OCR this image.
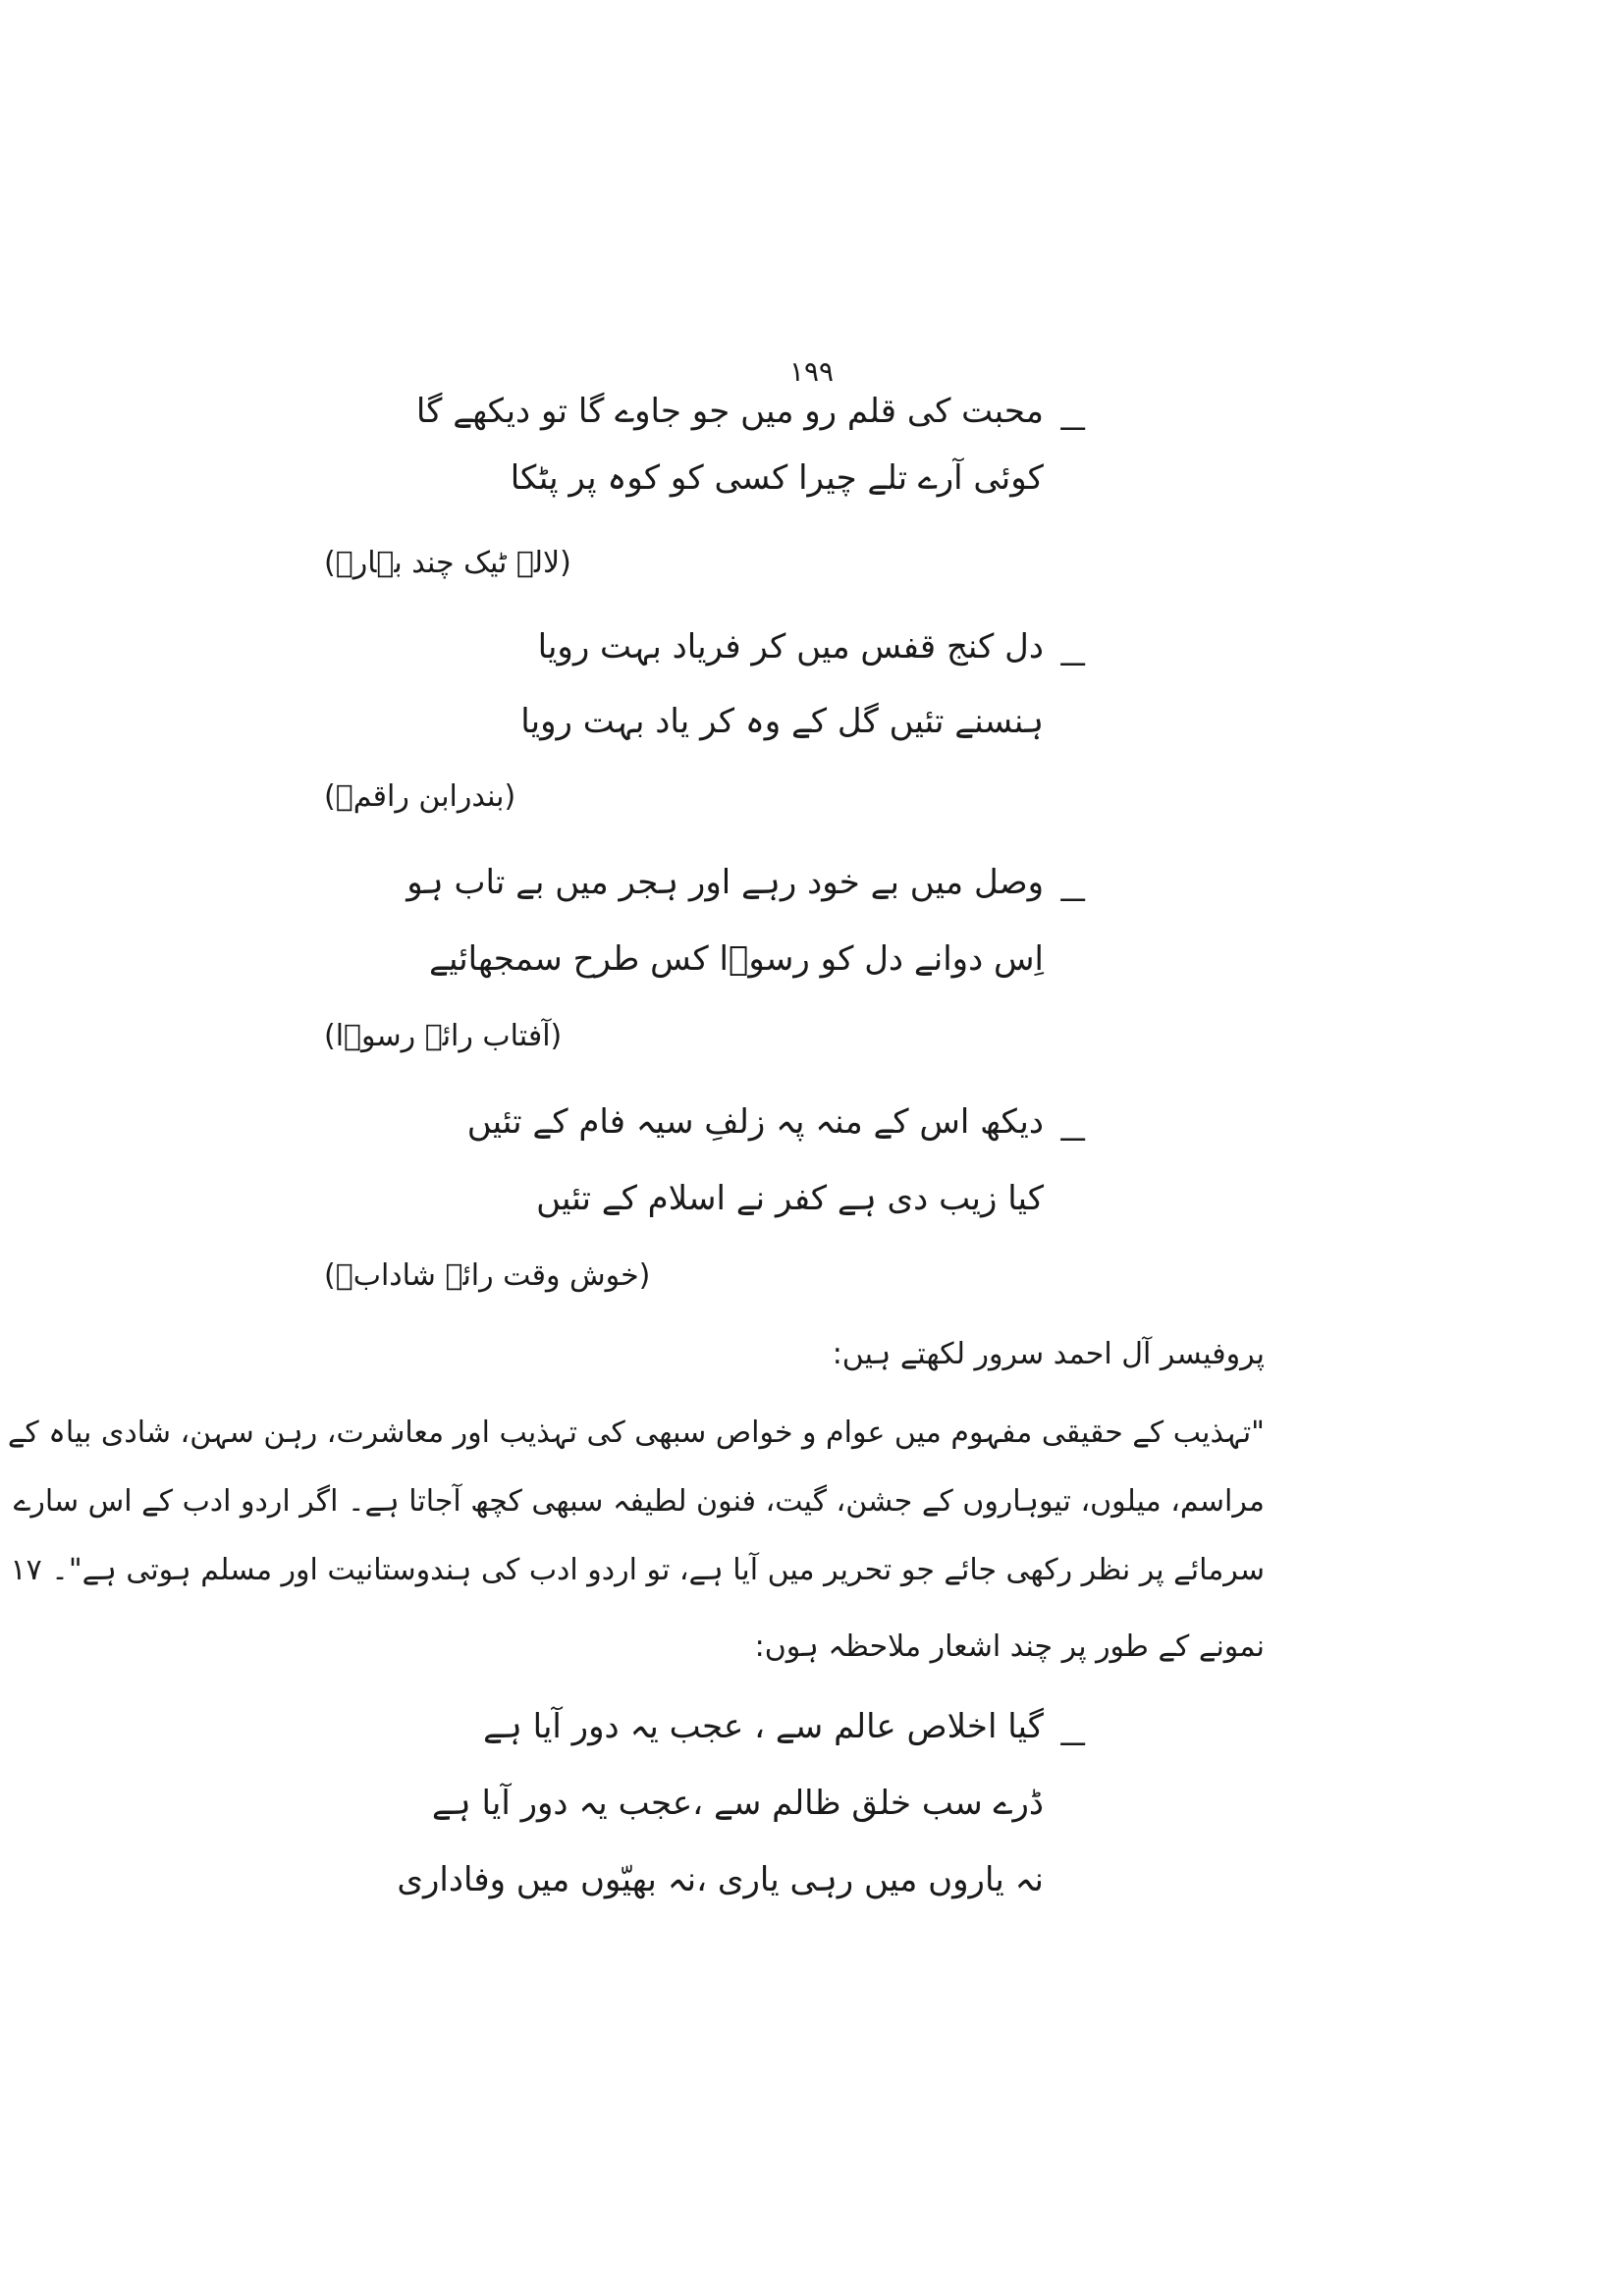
۱۹۹
ـــ
محبت کی قلم رو میں جو جاوے گا تو دیکھے گا
کوئی آرے تلے چیرا کسی کو کوہ پر پٹکا
(لالہ ٹیک چند بہارؔ)
ـــ
دل کنج قفس میں کر فریاد بہت رویا
ہنسنے تئیں گل کے وہ کر یاد بہت رویا
(بندرابن راقمؔ)
ـــ
وصل میں بے خود رہے اور ہجر میں بے تاب ہو
اِس دوانے دل کو رسوؔا کس طرح سمجھائیے
(آفتاب رائے رسوؔا)
ـــ
دیکھ اس کے منہ پہ زلفِ سیہ فام کے تئیں
کیا زیب دی ہے کفر نے اسلام کے تئیں
(خوش وقت رائے شادابؔ)
پروفیسر آل احمد سرور لکھتے ہیں:
"تہذیب کے حقیقی مفہوم میں عوام و خواص سبھی کی تہذیب اور معاشرت، رہن سہن، شادی بیاہ کے
مراسم، میلوں، تیوہاروں کے جشن، گیت، فنون لطیفہ سبھی کچھ آجاتا ہے۔ اگر اردو ادب کے اس سارے
سرمائے پر نظر رکھی جائے جو تحریر میں آیا ہے، تو اردو ادب کی ہندوستانیت اور مسلم ہوتی ہے"۔ ۱۷
نمونے کے طور پر چند اشعار ملاحظہ ہوں:
ـــ
گیا اخلاص عالم سے ، عجب یہ دور آیا ہے
ڈرے سب خلق ظالم سے ،عجب یہ دور آیا ہے
نہ یاروں میں رہی یاری ،نہ بھیّوں میں وفاداری
